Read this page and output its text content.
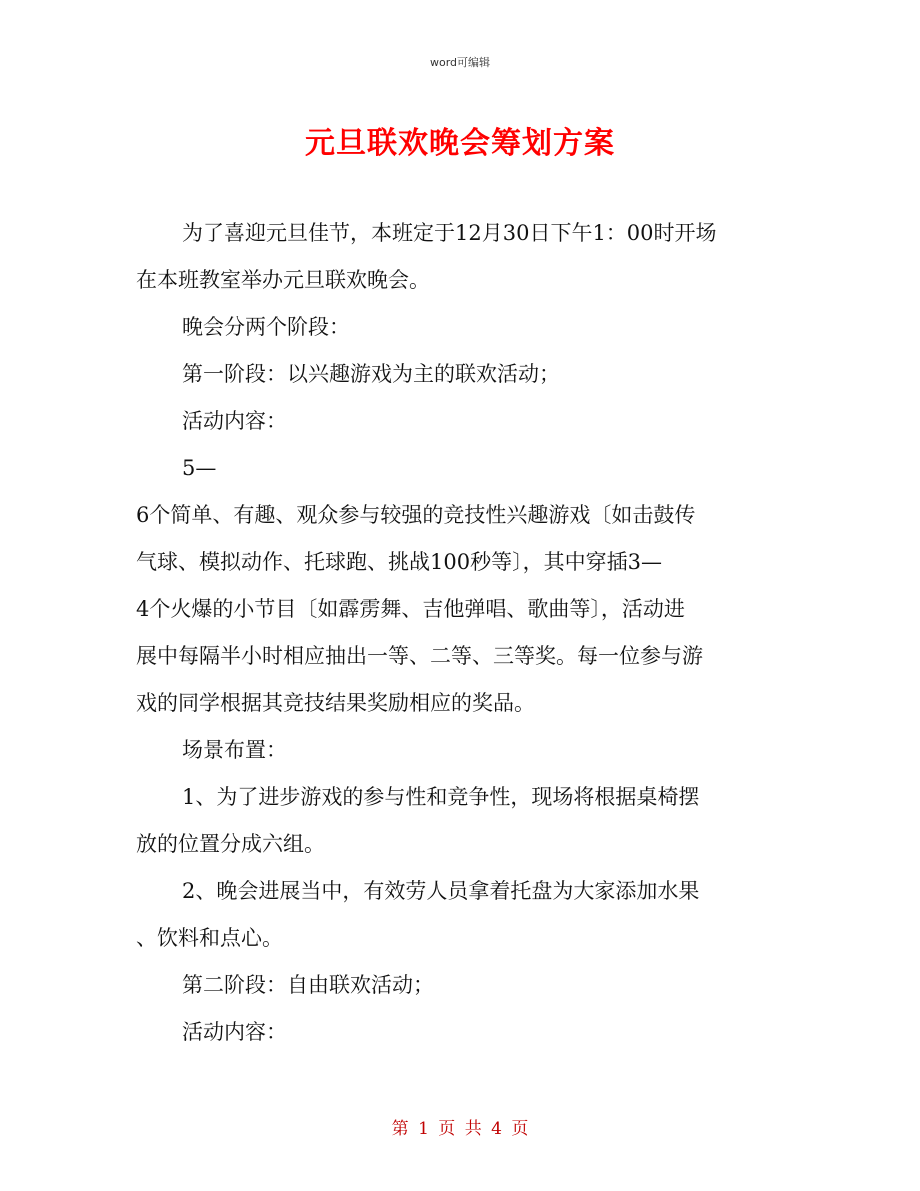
word可编辑
元旦联欢晚会筹划方案

为了喜迎元旦佳节，本班定于12月30日下午1：00时开场

在本班教室举办元旦联欢晚会。

晚会分两个阶段：

第一阶段：以兴趣游戏为主的联欢活动；

活动内容：

5—

6个简单、有趣、观众参与较强的竞技性兴趣游戏〔如击鼓传

气球、模拟动作、托球跑、挑战100秒等〕，其中穿插3—

4个火爆的小节目〔如霹雳舞、吉他弹唱、歌曲等〕，活动进

展中每隔半小时相应抽出一等、二等、三等奖。每一位参与游

戏的同学根据其竞技结果奖励相应的奖品。

场景布置：

1、为了进步游戏的参与性和竞争性，现场将根据桌椅摆

放的位置分成六组。

2、晚会进展当中，有效劳人员拿着托盘为大家添加水果

、饮料和点心。

第二阶段：自由联欢活动；

活动内容：

第 1 页 共 4 页
